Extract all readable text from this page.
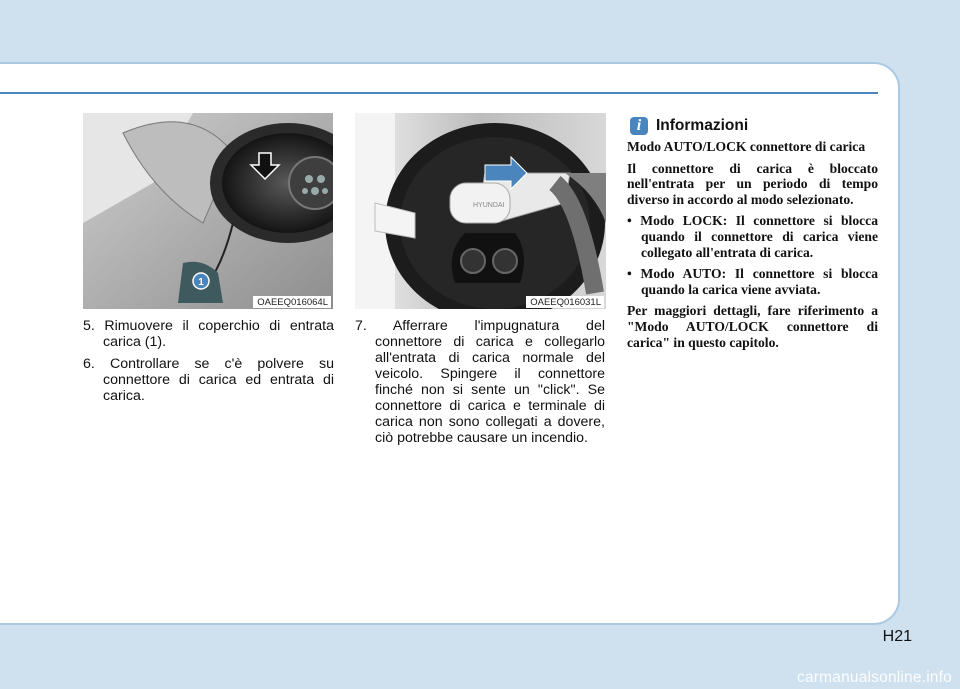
1
OAEEQ016064L
HYUNDAI
OAEEQ016031L

5. Rimuovere il coperchio di entrata carica (1).

6. Controllare se c'è polvere su connettore di carica ed entrata di carica.

7. Afferrare l'impugnatura del connettore di carica e collegarlo all'entrata di carica normale del veicolo. Spingere il connettore finché non si sente un "click". Se connettore di carica e terminale di carica non sono collegati a dovere, ciò potrebbe causare un incendio.

i Informazioni

Modo AUTO/LOCK connettore di carica

Il connettore di carica è bloccato nell'entrata per un periodo di tempo diverso in accordo al modo selezionato.

• Modo LOCK: Il connettore si blocca quando il connettore di carica viene collegato all'entrata di carica.

• Modo AUTO: Il connettore si blocca quando la carica viene avviata.

Per maggiori dettagli, fare riferimento a "Modo AUTO/LOCK connettore di carica" in questo capitolo.

H21
carmanualsonline.info
